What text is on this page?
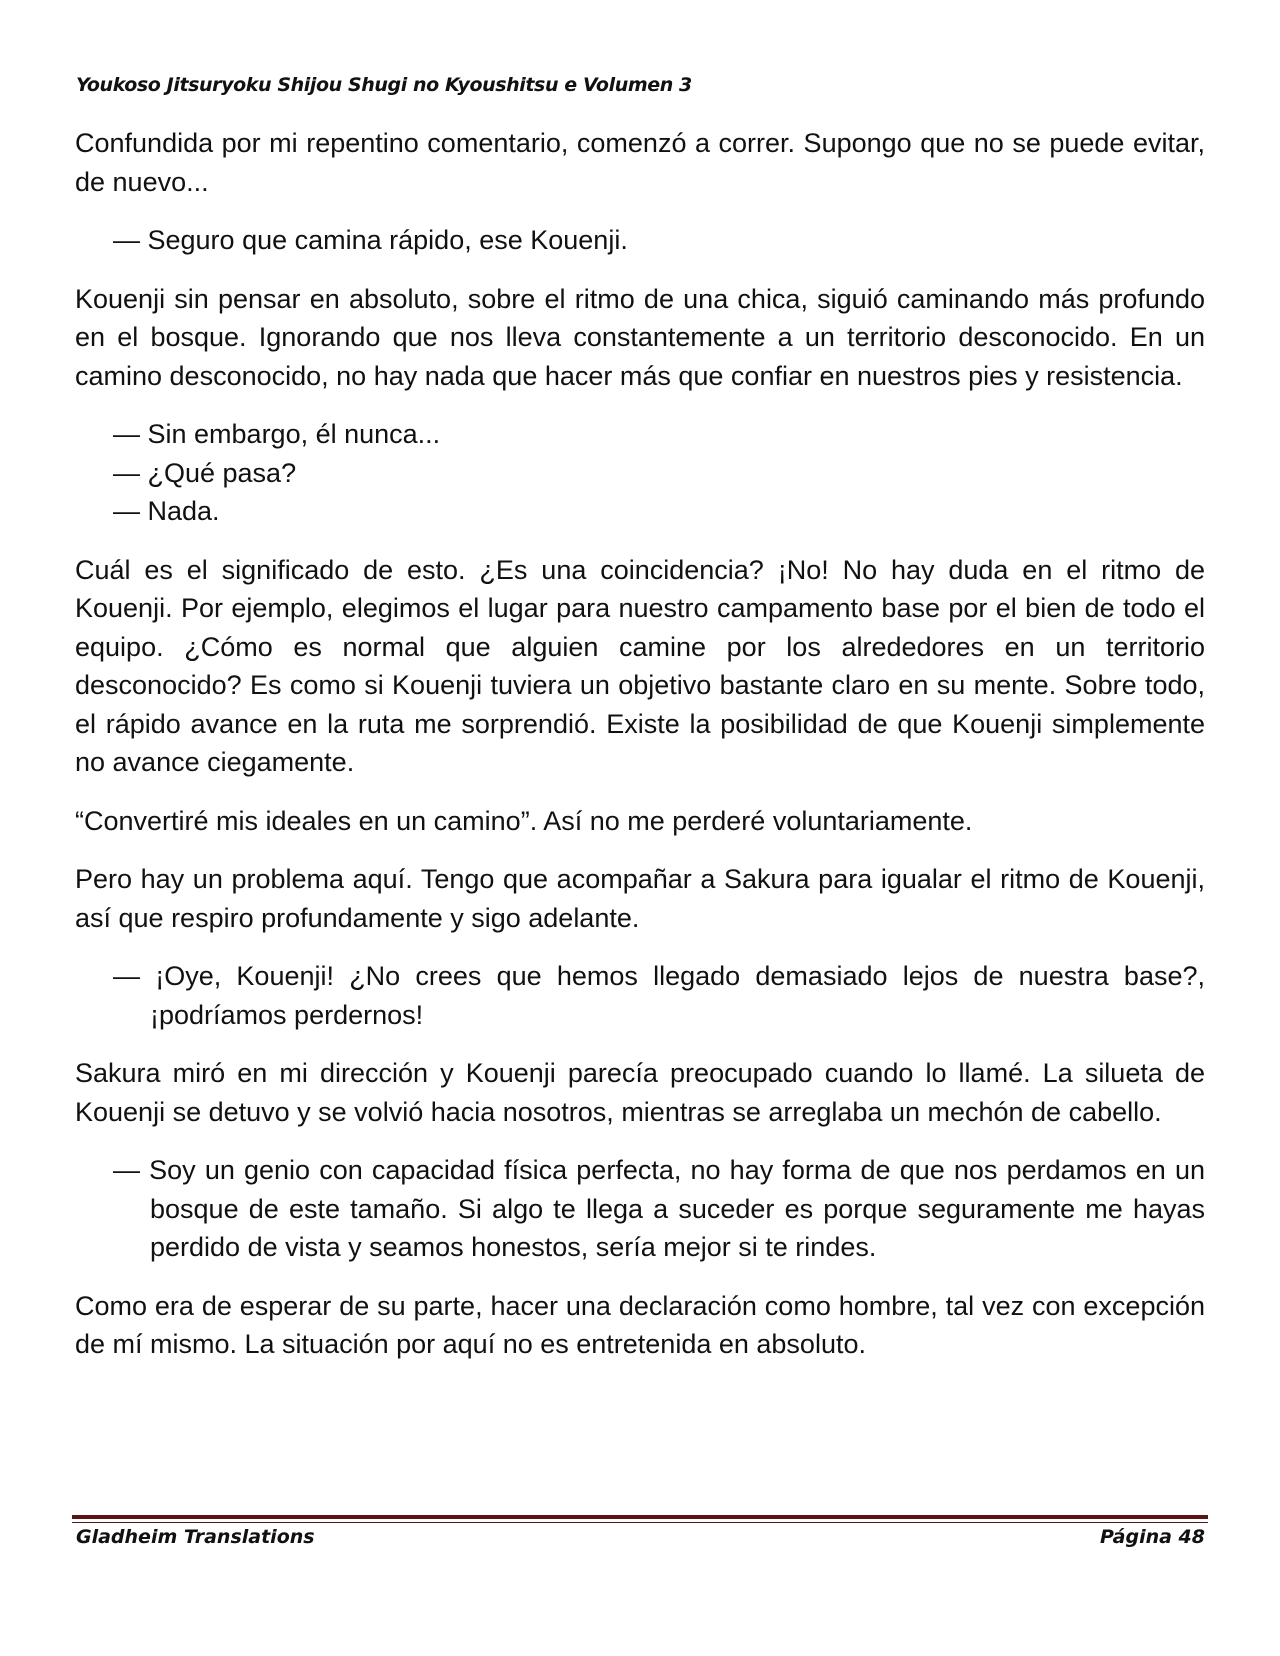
Youkoso Jitsuryoku Shijou Shugi no Kyoushitsu e Volumen 3

Confundida por mi repentino comentario, comenzó a correr. Supongo que no se puede evitar, de nuevo...

— Seguro que camina rápido, ese Kouenji.

Kouenji sin pensar en absoluto, sobre el ritmo de una chica, siguió caminando más profundo en el bosque. Ignorando que nos lleva constantemente a un territorio desconocido. En un camino desconocido, no hay nada que hacer más que confiar en nuestros pies y resistencia.

— Sin embargo, él nunca...
— ¿Qué pasa?
— Nada.

Cuál es el significado de esto. ¿Es una coincidencia? ¡No! No hay duda en el ritmo de Kouenji. Por ejemplo, elegimos el lugar para nuestro campamento base por el bien de todo el equipo. ¿Cómo es normal que alguien camine por los alrededores en un territorio desconocido? Es como si Kouenji tuviera un objetivo bastante claro en su mente. Sobre todo, el rápido avance en la ruta me sorprendió. Existe la posibilidad de que Kouenji simplemente no avance ciegamente.

“Convertiré mis ideales en un camino”. Así no me perderé voluntariamente.

Pero hay un problema aquí. Tengo que acompañar a Sakura para igualar el ritmo de Kouenji, así que respiro profundamente y sigo adelante.

— ¡Oye, Kouenji! ¿No crees que hemos llegado demasiado lejos de nuestra base?, ¡podríamos perdernos!

Sakura miró en mi dirección y Kouenji parecía preocupado cuando lo llamé. La silueta de Kouenji se detuvo y se volvió hacia nosotros, mientras se arreglaba un mechón de cabello.

— Soy un genio con capacidad física perfecta, no hay forma de que nos perdamos en un bosque de este tamaño. Si algo te llega a suceder es porque seguramente me hayas perdido de vista y seamos honestos, sería mejor si te rindes.

Como era de esperar de su parte, hacer una declaración como hombre, tal vez con excepción de mí mismo. La situación por aquí no es entretenida en absoluto.

Gladheim Translations	Página 48
